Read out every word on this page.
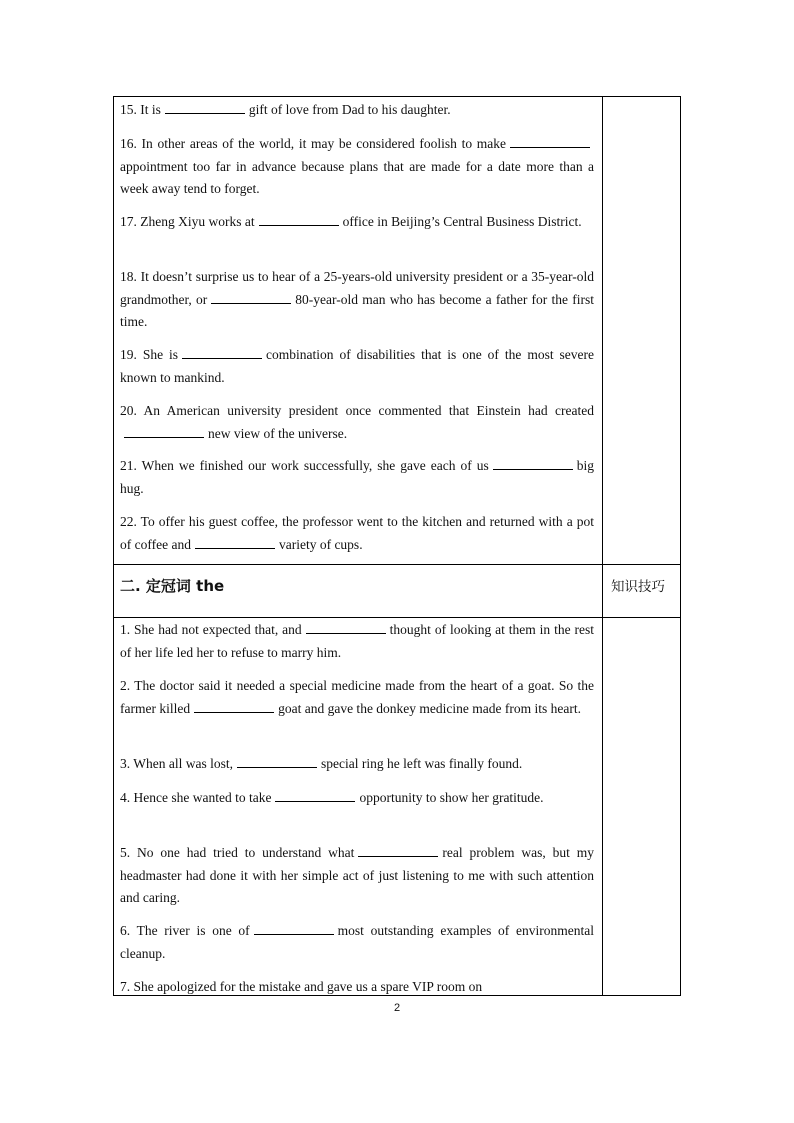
15. It is	gift of love from Dad to his daughter.
16. In other areas of the world, it may be considered foolish to makeappointment too far in advance because plans that are made for a date more than a week away tend to forget.
17. Zheng Xiyu works at	office in Beijing’s Central Business District.
18. It doesn’t surprise us to hear of a 25-years-old university president or a 35-year-old grandmother, or	80-year-old man who has become a father for the first time.
19. She is	combination of disabilities that is one of the most severe known to mankind.
20. An American university president once commented that Einstein had creatednew view of the universe.
21. When we finished our work successfully, she gave each of us	big hug.
22. To offer his guest coffee, the professor went to the kitchen and returned with a pot of coffee and	variety of cups.
二. 定冠词 the	知识技巧
1. She had not expected that, and	thought of looking at them in the rest of her life led her to refuse to marry him.
2. The doctor said it needed a special medicine made from the heart of a goat. So the farmer killed	goat and gave the donkey medicine made from its heart.
3. When all was lost,	special ring he left was finally found.
4. Hence she wanted to take	opportunity to show her gratitude.
5. No one had tried to understand what	real problem was, but my headmaster had done it with her simple act of just listening to me with such attention and caring.
6. The river is one of	most outstanding examples of environmental cleanup.
7. She apologized for the mistake and gave us a spare VIP room on
2
